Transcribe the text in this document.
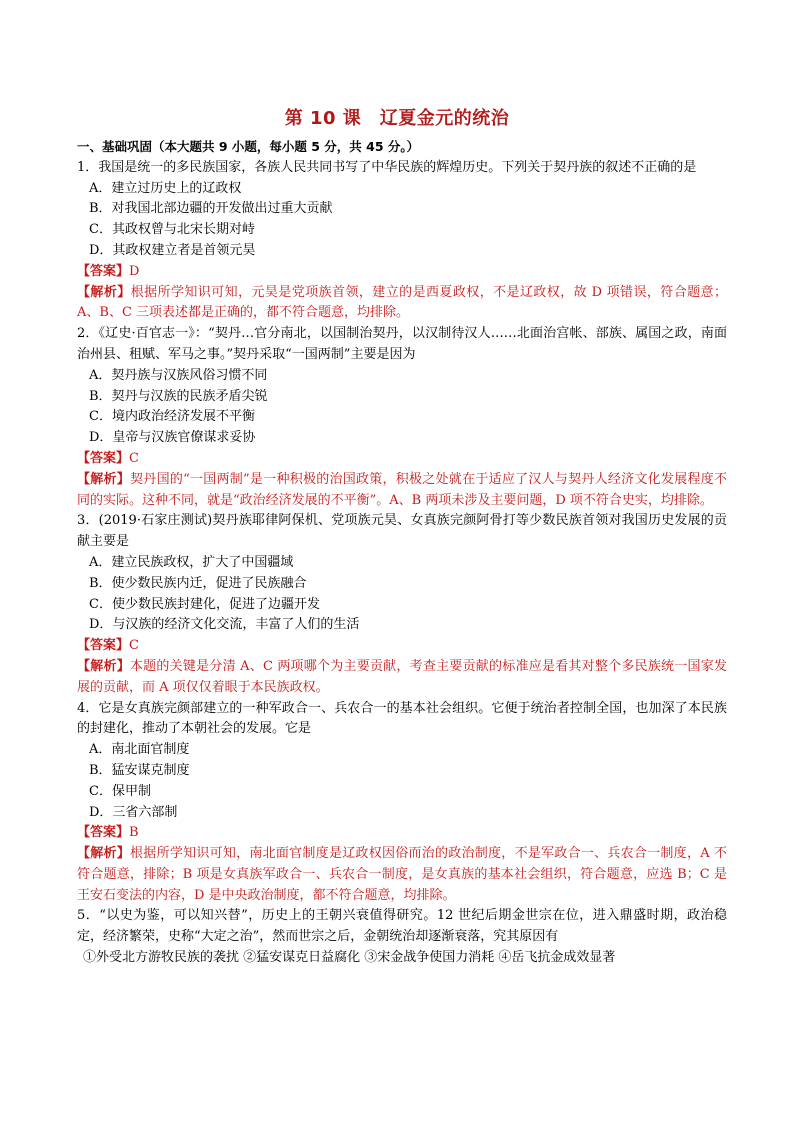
第 10 课　辽夏金元的统治

一、基础巩固（本大题共 9 小题，每小题 5 分，共 45 分。）

1．我国是统一的多民族国家，各族人民共同书写了中华民族的辉煌历史。下列关于契丹族的叙述不正确的是

A．建立过历史上的辽政权

B．对我国北部边疆的开发做出过重大贡献

C．其政权曾与北宋长期对峙

D．其政权建立者是首领元昊

【答案】D

【解析】根据所学知识可知，元昊是党项族首领，建立的是西夏政权，不是辽政权，故 D 项错误，符合题意；A、B、C 三项表述都是正确的，都不符合题意，均排除。

2．《辽史·百官志一》：“契丹…官分南北，以国制治契丹，以汉制待汉人……北面治宫帐、部族、属国之政，南面治州县、租赋、军马之事。”契丹采取“一国两制”主要是因为

A．契丹族与汉族风俗习惯不同

B．契丹与汉族的民族矛盾尖锐

C．境内政治经济发展不平衡

D．皇帝与汉族官僚谋求妥协

【答案】C

【解析】契丹国的“一国两制”是一种积极的治国政策，积极之处就在于适应了汉人与契丹人经济文化发展程度不同的实际。这种不同，就是“政治经济发展的不平衡”。A、B 两项未涉及主要问题，D 项不符合史实，均排除。

3．(2019·石家庄测试)契丹族耶律阿保机、党项族元昊、女真族完颜阿骨打等少数民族首领对我国历史发展的贡献主要是

A．建立民族政权，扩大了中国疆域

B．使少数民族内迁，促进了民族融合

C．使少数民族封建化，促进了边疆开发

D．与汉族的经济文化交流，丰富了人们的生活

【答案】C

【解析】本题的关键是分清 A、C 两项哪个为主要贡献，考查主要贡献的标准应是看其对整个多民族统一国家发展的贡献，而 A 项仅仅着眼于本民族政权。

4．它是女真族完颜部建立的一种军政合一、兵农合一的基本社会组织。它便于统治者控制全国，也加深了本民族的封建化，推动了本朝社会的发展。它是

A．南北面官制度

B．猛安谋克制度

C．保甲制

D．三省六部制

【答案】B

【解析】根据所学知识可知，南北面官制度是辽政权因俗而治的政治制度，不是军政合一、兵农合一制度，A 不符合题意，排除；B 项是女真族军政合一、兵农合一制度，是女真族的基本社会组织，符合题意，应选 B；C 是王安石变法的内容，D 是中央政治制度，都不符合题意，均排除。

5．“以史为鉴，可以知兴替”，历史上的王朝兴衰值得研究。12 世纪后期金世宗在位，进入鼎盛时期，政治稳定，经济繁荣，史称“大定之治”，然而世宗之后，金朝统治却逐渐衰落，究其原因有

①外受北方游牧民族的袭扰 ②猛安谋克日益腐化 ③宋金战争使国力消耗 ④岳飞抗金成效显著
